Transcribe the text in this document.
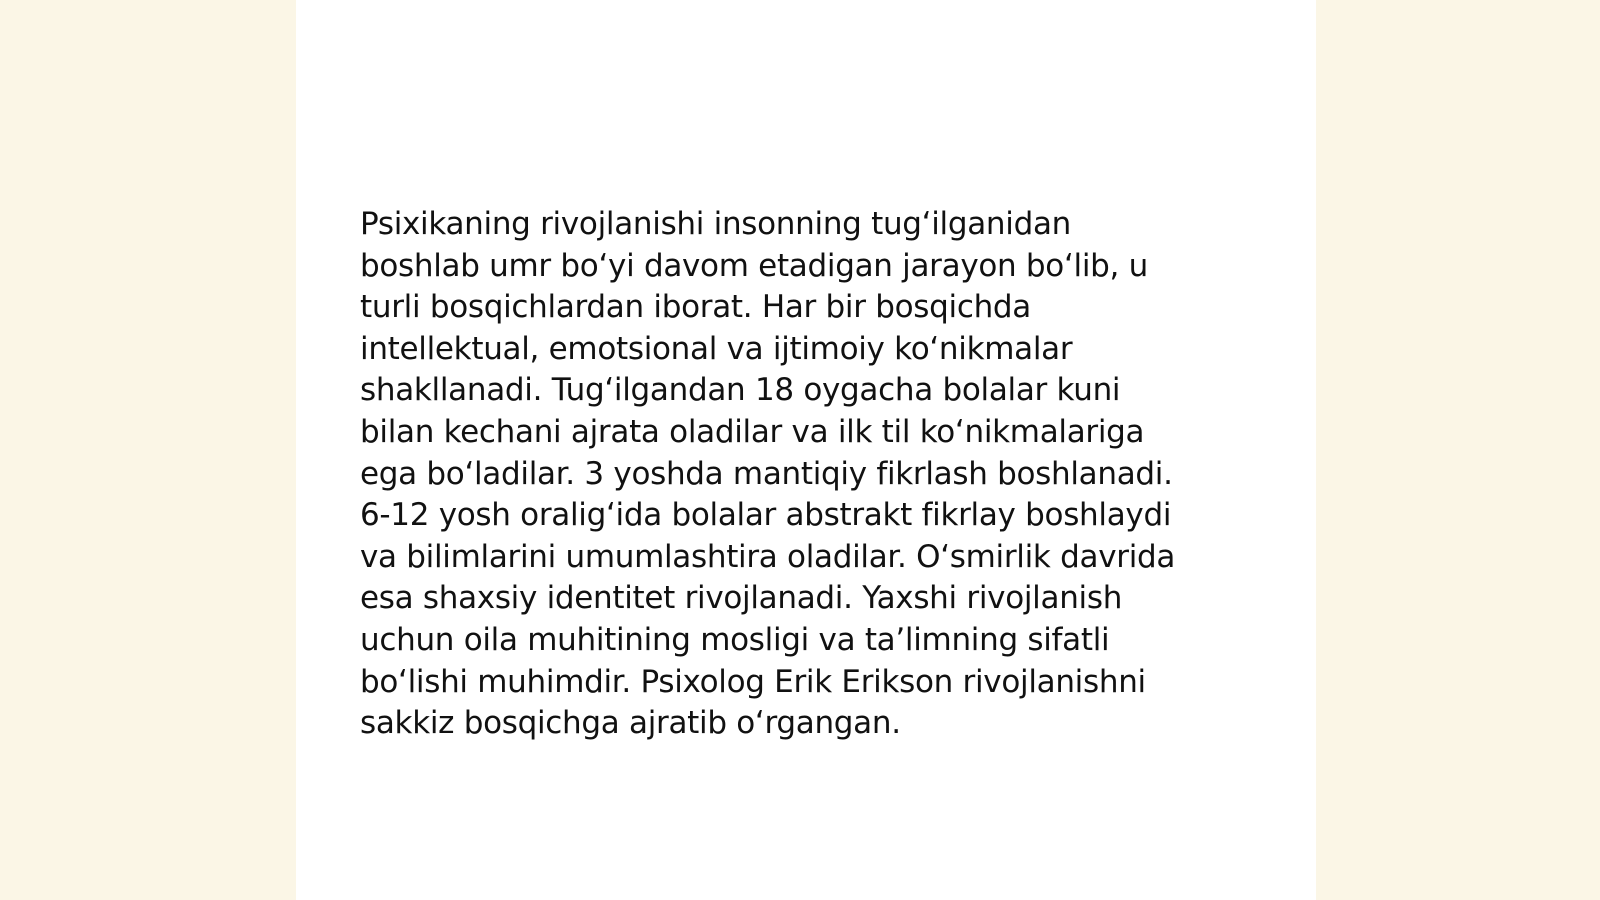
Psixikaning rivojlanishi insonning tug‘ilganidan
boshlab umr bo‘yi davom etadigan jarayon bo‘lib, u
turli bosqichlardan iborat. Har bir bosqichda
intellektual, emotsional va ijtimoiy ko‘nikmalar
shakllanadi. Tug‘ilgandan 18 oygacha bolalar kuni
bilan kechani ajrata oladilar va ilk til ko‘nikmalariga
ega bo‘ladilar. 3 yoshda mantiqiy fikrlash boshlanadi.
6-12 yosh oralig‘ida bolalar abstrakt fikrlay boshlaydi
va bilimlarini umumlashtira oladilar. O‘smirlik davrida
esa shaxsiy identitet rivojlanadi. Yaxshi rivojlanish
uchun oila muhitining mosligi va ta’limning sifatli
bo‘lishi muhimdir. Psixolog Erik Erikson rivojlanishni
sakkiz bosqichga ajratib o‘rgangan.
